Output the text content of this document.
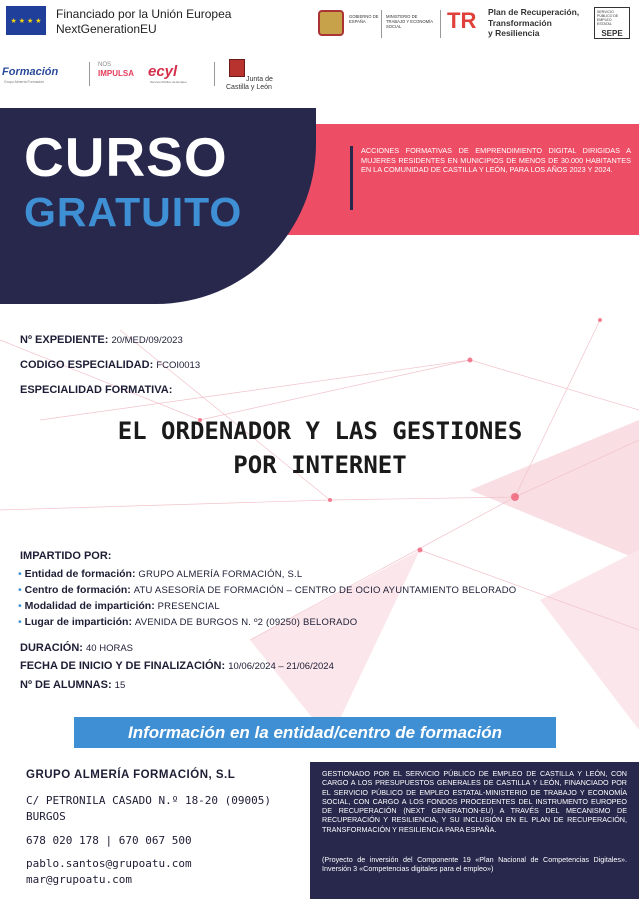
★ ★ ★ ★ Financiado por la Unión Europea
NextGenerationEU
GOBIERNO DE ESPAÑA
MINISTERIO DE TRABAJO Y ECONOMÍA SOCIAL	TR	Plan de Recuperación,
Transformación
y Resiliencia
SERVICIO PÚBLICO DE EMPLEO ESTATAL
SEPE
Formación
Grupo Almería Formación
NOS
IMPULSA ecyl
Servicio Público de Empleo	Junta de
Castilla y León
CURSO
GRATUITO
ACCIONES FORMATIVAS DE EMPRENDIMIENTO DIGITAL DIRIGIDAS A MUJERES RESIDENTES EN MUNICIPIOS DE MENOS DE 30.000 HABITANTES EN LA COMUNIDAD DE CASTILLA Y LEÓN, PARA LOS AÑOS 2023 Y 2024.
Nº EXPEDIENTE: 20/MED/09/2023
CODIGO ESPECIALIDAD: FCOI0013
ESPECIALIDAD FORMATIVA:
EL ORDENADOR Y LAS GESTIONES
POR INTERNET
IMPARTIDO POR:
• Entidad de formación: GRUPO ALMERÍA FORMACIÓN, S.L
• Centro de formación: ATU ASESORÍA DE FORMACIÓN – CENTRO DE OCIO AYUNTAMIENTO BELORADO
• Modalidad de impartición: PRESENCIAL
• Lugar de impartición: AVENIDA DE BURGOS N. º2 (09250) BELORADO
DURACIÓN: 40 HORAS
FECHA DE INICIO Y DE FINALIZACIÓN: 10/06/2024 – 21/06/2024
Nº DE ALUMNAS: 15
Información en la entidad/centro de formación
GRUPO ALMERÍA FORMACIÓN, S.L
C/ PETRONILA CASADO N.º 18-20 (09005)
BURGOS
678 020 178 | 670 067 500
pablo.santos@grupoatu.com
mar@grupoatu.com
GESTIONADO POR EL SERVICIO PÚBLICO DE EMPLEO DE CASTILLA Y LEÓN, CON CARGO A LOS PRESUPUESTOS GENERALES DE CASTILLA Y LEÓN, FINANCIADO POR EL SERVICIO PÚBLICO DE EMPLEO ESTATAL-MINISTERIO DE TRABAJO Y ECONOMÍA SOCIAL, CON CARGO A LOS FONDOS PROCEDENTES DEL INSTRUMENTO EUROPEO DE RECUPERACIÓN (NEXT GENERATION-EU) A TRAVÉS DEL MECANISMO DE RECUPERACIÓN Y RESILIENCIA, Y SU INCLUSIÓN EN EL PLAN DE RECUPERACIÓN, TRANSFORMACIÓN Y RESILIENCIA PARA ESPAÑA.
(Proyecto de inversión del Componente 19 «Plan Nacional de Competencias Digitales». Inversión 3 «Competencias digitales para el empleo»)
